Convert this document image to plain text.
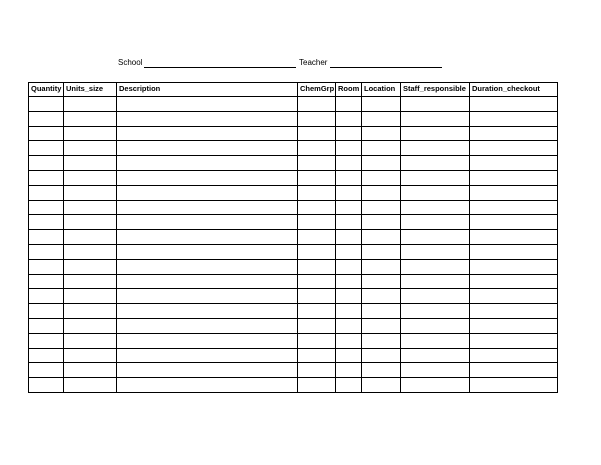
School	Teacher
Quantity	Units_size	Description	ChemGrp	Room	Location	Staff_responsible	Duration_checkout
